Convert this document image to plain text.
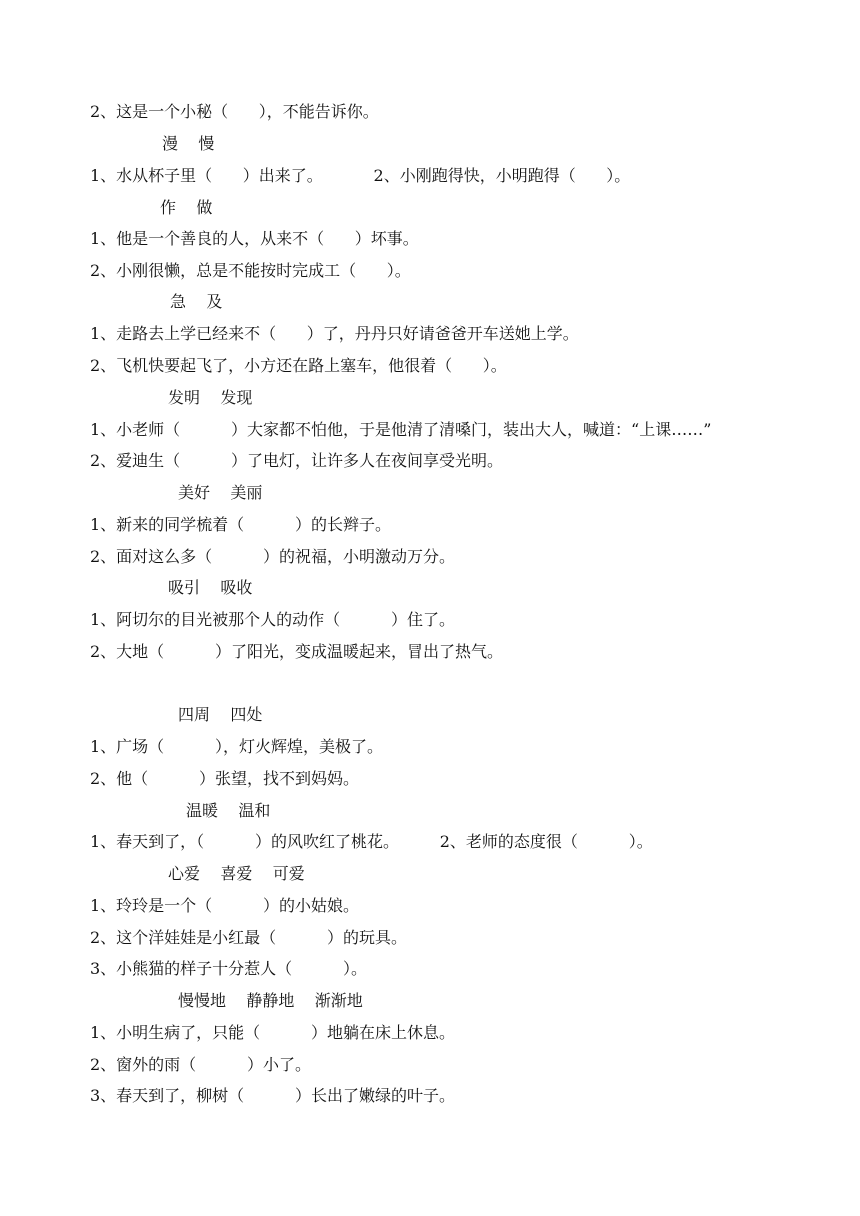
2、这是一个小秘（      ），不能告诉你。
漫    慢
1、水从杯子里（      ）出来了。          2、小刚跑得快，小明跑得（      ）。
作    做
1、他是一个善良的人，从来不（      ）坏事。
2、小刚很懒，总是不能按时完成工（      ）。
急    及
1、走路去上学已经来不（      ）了，丹丹只好请爸爸开车送她上学。
2、飞机快要起飞了，小方还在路上塞车，他很着（      ）。
发明    发现
1、小老师（          ）大家都不怕他，于是他清了清嗓门，装出大人，喊道：“上课……”
2、爱迪生（          ）了电灯，让许多人在夜间享受光明。
美好    美丽
1、新来的同学梳着（          ）的长辫子。
2、面对这么多（          ）的祝福，小明激动万分。
吸引    吸收
1、阿切尔的目光被那个人的动作（          ）住了。
2、大地（          ）了阳光，变成温暖起来，冒出了热气。
四周    四处
1、广场（          ），灯火辉煌，美极了。
2、他（          ）张望，找不到妈妈。
温暖    温和
1、春天到了，（          ）的风吹红了桃花。        2、老师的态度很（          ）。
心爱    喜爱    可爱
1、玲玲是一个（          ）的小姑娘。
2、这个洋娃娃是小红最（          ）的玩具。
3、小熊猫的样子十分惹人（          ）。
慢慢地    静静地    渐渐地
1、小明生病了，只能（          ）地躺在床上休息。
2、窗外的雨（          ）小了。
3、春天到了，柳树（          ）长出了嫩绿的叶子。
